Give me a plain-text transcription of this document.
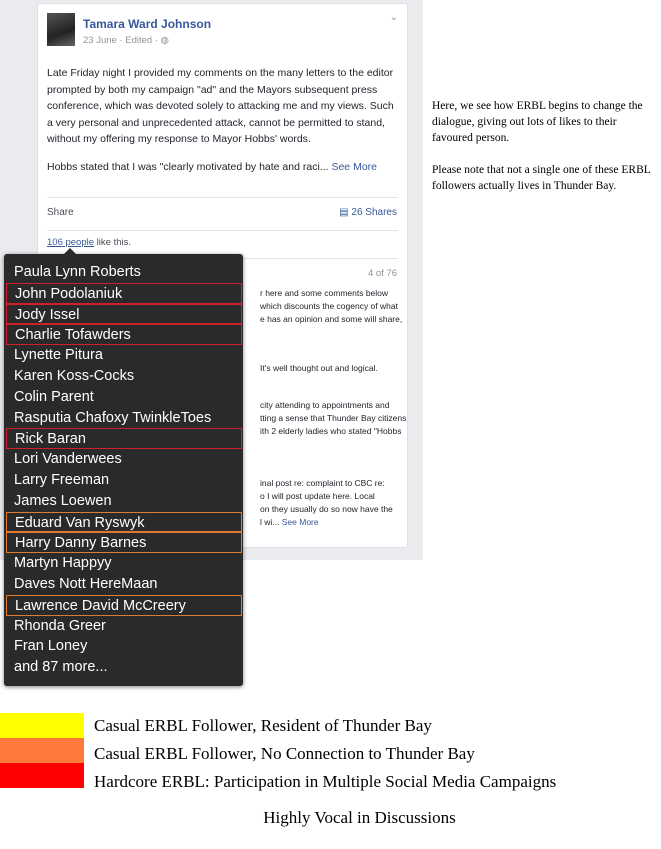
Tamara Ward Johnson
23 June · Edited · ◍
⌄

Late Friday night I provided my comments on the many letters to the editor prompted by both my campaign "ad" and the Mayors subsequent press conference, which was devoted solely to attacking me and my views. Such a very personal and unprecedented attack, cannot be permitted to stand, without my offering my response to Mayor Hobbs' words.

Hobbs stated that I was "clearly motivated by hate and raci... See More

Share	▤ 26 Shares
106 people like this.
4 of 76
r here and some comments below
which discounts the cogency of what
e has an opinion and some will share,
It's well thought out and logical.
city attending to appointments and
tting a sense that Thunder Bay citizens
ith 2 elderly ladies who stated "Hobbs
inal post re: complaint to CBC re:
o I will post update here. Local
on they usually do so now have the
l wi... See More
Paula Lynn Roberts
John Podolaniuk
Jody Issel
Charlie Tofawders
Lynette Pitura
Karen Koss-Cocks
Colin Parent
Rasputia Chafoxy TwinkleToes
Rick Baran
Lori Vanderwees
Larry Freeman
James Loewen
Eduard Van Ryswyk
Harry Danny Barnes
Martyn Happyy
Daves Nott HereMaan
Lawrence David McCreery
Rhonda Greer
Fran Loney
and 87 more...

Here, we see how ERBL begins to change the dialogue, giving out lots of likes to their favoured person.

Please note that not a single one of these ERBL followers actually lives in Thunder Bay.

Casual ERBL Follower, Resident of Thunder Bay
Casual ERBL Follower, No Connection to Thunder Bay
Hardcore ERBL: Participation in Multiple Social Media Campaigns
Highly Vocal in Discussions
